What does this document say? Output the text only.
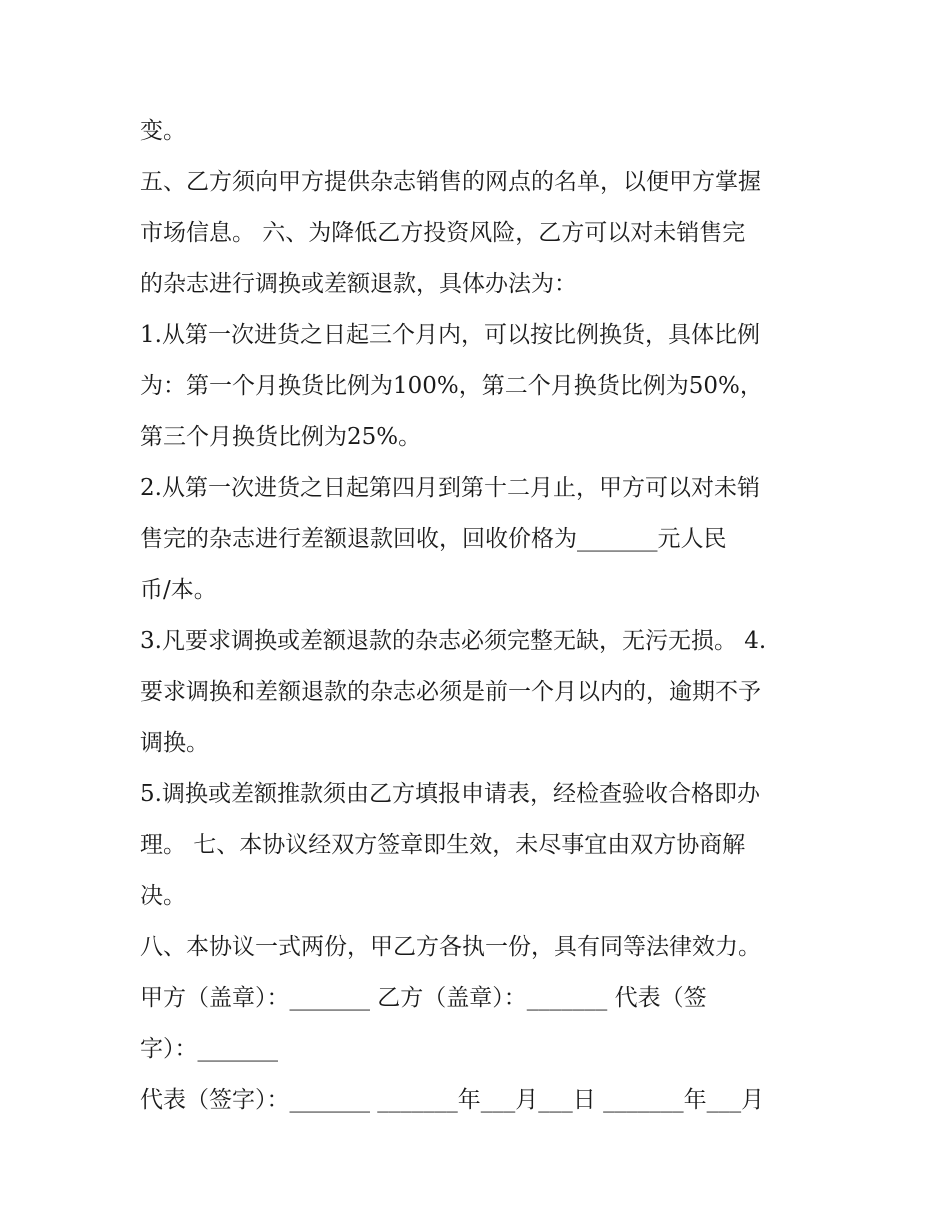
变。
五、乙方须向甲方提供杂志销售的网点的名单，以便甲方掌握
市场信息。 六、为降低乙方投资风险，乙方可以对未销售完
的杂志进行调换或差额退款，具体办法为：
1.从第一次进货之日起三个月内，可以按比例换货，具体比例
为：第一个月换货比例为100%，第二个月换货比例为50%，
第三个月换货比例为25%。
2.从第一次进货之日起第四月到第十二月止，甲方可以对未销
售完的杂志进行差额退款回收，回收价格为_______元人民
币/本。
3.凡要求调换或差额退款的杂志必须完整无缺，无污无损。 4.
要求调换和差额退款的杂志必须是前一个月以内的，逾期不予
调换。
5.调换或差额推款须由乙方填报申请表，经检查验收合格即办
理。 七、本协议经双方签章即生效，未尽事宜由双方协商解
决。
八、本协议一式两份，甲乙方各执一份，具有同等法律效力。
甲方（盖章）：_______ 乙方（盖章）：_______ 代表（签
字）：_______
代表（签字）：_______ _______年___月___日 _______年___月
